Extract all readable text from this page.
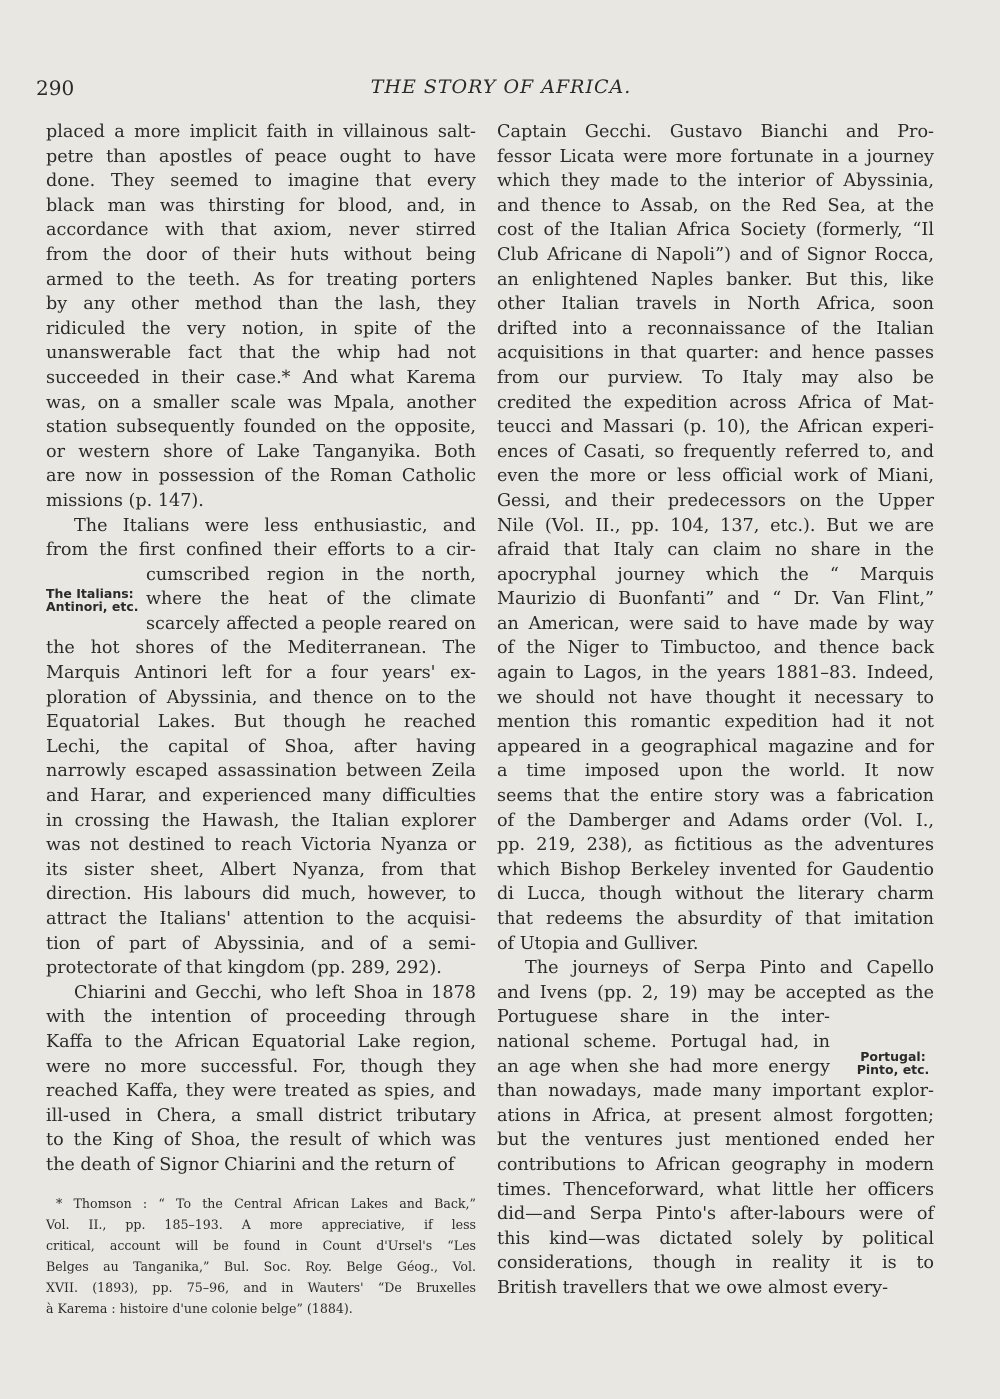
290	THE STORY OF AFRICA.
placed a more implicit faith in villainous salt-
petre than apostles of peace ought to have
done. They seemed to imagine that every
black man was thirsting for blood, and, in
accordance with that axiom, never stirred
from the door of their huts without being
armed to the teeth. As for treating porters
by any other method than the lash, they
ridiculed the very notion, in spite of the
unanswerable fact that the whip had not
succeeded in their case.* And what Karema
was, on a smaller scale was Mpala, another
station subsequently founded on the opposite,
or western shore of Lake Tanganyika. Both
are now in possession of the Roman Catholic
missions (p. 147).
The Italians were less enthusiastic, and
from the first confined their efforts to a cir-
cumscribed region in the north,
where the heat of the climate
scarcely affected a people reared on
the hot shores of the Mediterranean. The
Marquis Antinori left for a four years' ex-
ploration of Abyssinia, and thence on to the
Equatorial Lakes. But though he reached
Lechi, the capital of Shoa, after having
narrowly escaped assassination between Zeila
and Harar, and experienced many difficulties
in crossing the Hawash, the Italian explorer
was not destined to reach Victoria Nyanza or
its sister sheet, Albert Nyanza, from that
direction. His labours did much, however, to
attract the Italians' attention to the acquisi-
tion of part of Abyssinia, and of a semi-
protectorate of that kingdom (pp. 289, 292).
Chiarini and Gecchi, who left Shoa in 1878
with the intention of proceeding through
Kaffa to the African Equatorial Lake region,
were no more successful. For, though they
reached Kaffa, they were treated as spies, and
ill-used in Chera, a small district tributary
to the King of Shoa, the result of which was
the death of Signor Chiarini and the return of
Captain Gecchi. Gustavo Bianchi and Pro-
fessor Licata were more fortunate in a journey
which they made to the interior of Abyssinia,
and thence to Assab, on the Red Sea, at the
cost of the Italian Africa Society (formerly, “Il
Club Africane di Napoli”) and of Signor Rocca,
an enlightened Naples banker. But this, like
other Italian travels in North Africa, soon
drifted into a reconnaissance of the Italian
acquisitions in that quarter: and hence passes
from our purview. To Italy may also be
credited the expedition across Africa of Mat-
teucci and Massari (p. 10), the African experi-
ences of Casati, so frequently referred to, and
even the more or less official work of Miani,
Gessi, and their predecessors on the Upper
Nile (Vol. II., pp. 104, 137, etc.). But we are
afraid that Italy can claim no share in the
apocryphal journey which the “ Marquis
Maurizio di Buonfanti” and “ Dr. Van Flint,”
an American, were said to have made by way
of the Niger to Timbuctoo, and thence back
again to Lagos, in the years 1881–83. Indeed,
we should not have thought it necessary to
mention this romantic expedition had it not
appeared in a geographical magazine and for
a time imposed upon the world. It now
seems that the entire story was a fabrication
of the Damberger and Adams order (Vol. I.,
pp. 219, 238), as fictitious as the adventures
which Bishop Berkeley invented for Gaudentio
di Lucca, though without the literary charm
that redeems the absurdity of that imitation
of Utopia and Gulliver.
The journeys of Serpa Pinto and Capello
and Ivens (pp. 2, 19) may be accepted as the
Portuguese share in the inter-
national scheme. Portugal had, in
an age when she had more energy
than nowadays, made many important explor-
ations in Africa, at present almost forgotten;
but the ventures just mentioned ended her
contributions to African geography in modern
times. Thenceforward, what little her officers
did—and Serpa Pinto's after-labours were of
this kind—was dictated solely by political
considerations, though in reality it is to
British travellers that we owe almost every-
The Italians:
Antinori, etc.
Portugal:
Pinto, etc.
* Thomson : “ To the Central African Lakes and Back,”
Vol. II., pp. 185–193. A more appreciative, if less
critical, account will be found in Count d'Ursel's “Les
Belges au Tanganika,” Bul. Soc. Roy. Belge Géog., Vol.
XVII. (1893), pp. 75–96, and in Wauters' “De Bruxelles
à Karema : histoire d'une colonie belge” (1884).
